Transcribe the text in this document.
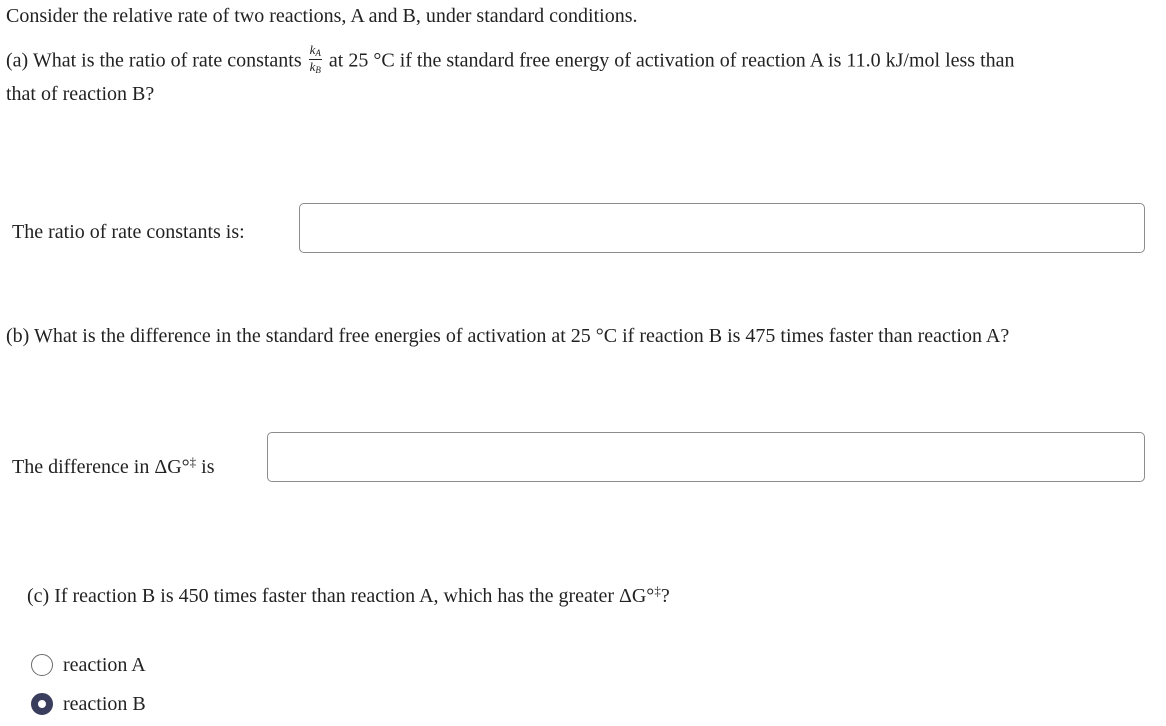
Consider the relative rate of two reactions, A and B, under standard conditions.
(a) What is the ratio of rate constants $\frac{k_A}{k_B}$ at 25 °C if the standard free energy of activation of reaction A is 11.0 kJ/mol less than
that of reaction B?
The ratio of rate constants is:
(b) What is the difference in the standard free energies of activation at 25 °C if reaction B is 475 times faster than reaction A?
The difference in ΔG°‡ is
(c) If reaction B is 450 times faster than reaction A, which has the greater ΔG°‡?
reaction A
reaction B
